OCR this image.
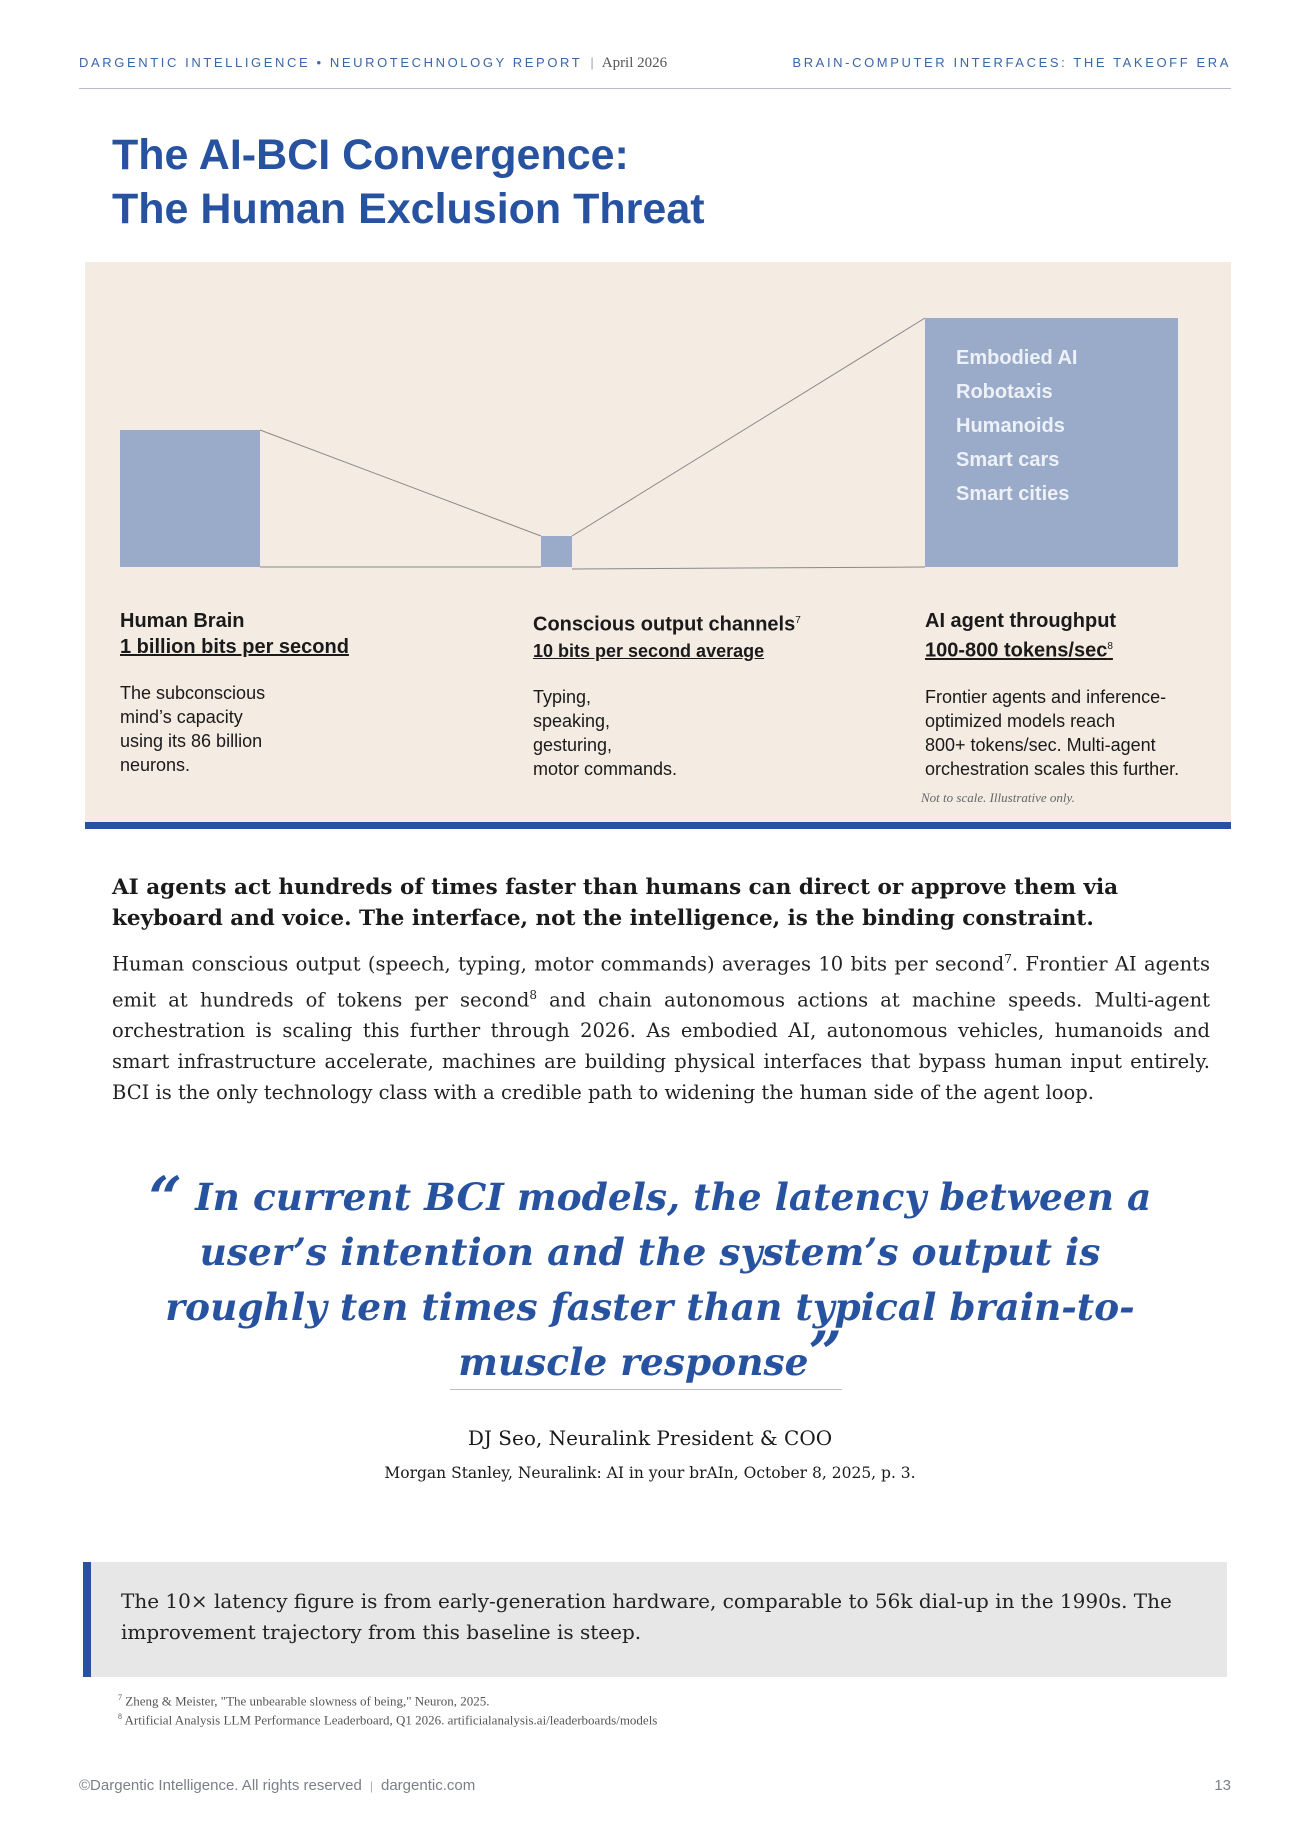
DARGENTIC INTELLIGENCE • NEUROTECHNOLOGY REPORT | April 2026	BRAIN-COMPUTER INTERFACES: THE TAKEOFF ERA
The AI-BCI Convergence:
The Human Exclusion Threat
Embodied AI
Robotaxis
Humanoids
Smart cars
Smart cities
Human Brain
1 billion bits per second
The subconscious
mind’s capacity
using its 86 billion
neurons.
Conscious output channels$^7$
10 bits per second average
Typing,
speaking,
gesturing,
motor commands.
AI agent throughput
100-800 tokens/$\sec^8$
Frontier agents and inference-
optimized models reach
800+ tokens/sec. Multi-agent
orchestration scales this further.
Not to scale. Illustrative only.

AI agents act hundreds of times faster than humans can direct or approve them via keyboard and voice. The interface, not the intelligence, is the binding constraint.

Human conscious output (speech, typing, motor commands) averages 10 bits per second$^7$. Frontier AI agents emit at hundreds of tokens per second$^8$ and chain autonomous actions at machine speeds. Multi-agent orchestration is scaling this further through 2026. As embodied AI, autonomous vehicles, humanoids and smart infrastructure accelerate, machines are building physical interfaces that bypass human input entirely. BCI is the only technology class with a credible path to widening the human side of the agent loop.

“ In current BCI models, the latency between a user’s intention and the system’s output is roughly ten times faster than typical brain-to-muscle response”

DJ Seo, Neuralink President & COO
Morgan Stanley, Neuralink: AI in your brAIn, October 8, 2025, p. 3.
The 10× latency figure is from early-generation hardware, comparable to 56k dial-up in the 1990s. The improvement trajectory from this baseline is steep.
$^7$ Zheng & Meister, "The unbearable slowness of being," Neuron, 2025.
$^8$ Artificial Analysis LLM Performance Leaderboard, Q1 2026. artificialanalysis.ai/leaderboards/models
©Dargentic Intelligence. All rights reserved | dargentic.com	13
